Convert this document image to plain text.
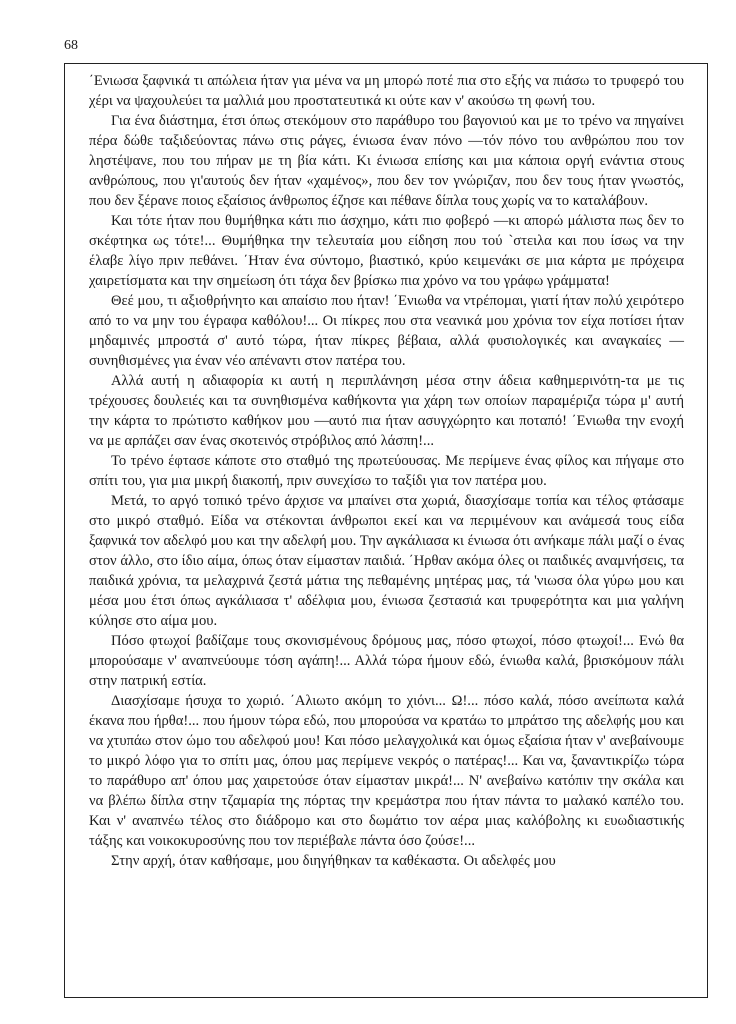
68

΄Ενιωσα ξαφνικά τι απώλεια ήταν για μένα να μη μπορώ ποτέ πια στο εξής να πιάσω το τρυφερό του χέρι να ψαχουλεύει τα μαλλιά μου προστατευτικά κι ούτε καν ν' ακούσω τη φωνή του.

Για ένα διάστημα, έτσι όπως στεκόμουν στο παράθυρο του βαγονιού και με το τρένο να πηγαίνει πέρα δώθε ταξιδεύοντας πάνω στις ράγες, ένιωσα έναν πόνο —τόν πόνο του ανθρώπου που τον ληστέψανε, που του πήραν με τη βία κάτι. Κι ένιωσα επίσης και μια κάποια οργή ενάντια στους ανθρώπους, που γι'αυτούς δεν ήταν «χαμένος», που δεν τον γνώριζαν, που δεν τους ήταν γνωστός, που δεν ξέρανε ποιος εξαίσιος άνθρωπος έζησε και πέθανε δίπλα τους χωρίς να το καταλάβουν.

Και τότε ήταν που θυμήθηκα κάτι πιο άσχημο, κάτι πιο φοβερό —κι απορώ μάλιστα πως δεν το σκέφτηκα ως τότε!... Θυμήθηκα την τελευταία μου είδηση που τού `στειλα και που ίσως να την έλαβε λίγο πριν πεθάνει. ΄Ηταν ένα σύντομο, βιαστικό, κρύο κειμενάκι σε μια κάρτα με πρόχειρα χαιρετίσματα και την σημείωση ότι τάχα δεν βρίσκω πια χρόνο να του γράφω γράμματα!

Θεέ μου, τι αξιοθρήνητο και απαίσιο που ήταν! ΄Ενιωθα να ντρέπομαι, γιατί ήταν πολύ χειρότερο από το να μην του έγραφα καθόλου!... Οι πίκρες που στα νεανικά μου χρόνια τον είχα ποτίσει ήταν μηδαμινές μπροστά σ' αυτό τώρα, ήταν πίκρες βέβαια, αλλά φυσιολογικές και αναγκαίες —συνηθισμένες για έναν νέο απέναντι στον πατέρα του.

Αλλά αυτή η αδιαφορία κι αυτή η περιπλάνηση μέσα στην άδεια καθημερινότη-τα με τις τρέχουσες δουλειές και τα συνηθισμένα καθήκοντα για χάρη των οποίων παραμέριζα τώρα μ' αυτή την κάρτα το πρώτιστο καθήκον μου —αυτό πια ήταν ασυγχώρητο και ποταπό! ΄Ενιωθα την ενοχή να με αρπάζει σαν ένας σκοτεινός στρόβιλος από λάσπη!...

Το τρένο έφτασε κάποτε στο σταθμό της πρωτεύουσας. Με περίμενε ένας φίλος και πήγαμε στο σπίτι του, για μια μικρή διακοπή, πριν συνεχίσω το ταξίδι για τον πατέρα μου.

Μετά, το αργό τοπικό τρένο άρχισε να μπαίνει στα χωριά, διασχίσαμε τοπία και τέλος φτάσαμε στο μικρό σταθμό. Είδα να στέκονται άνθρωποι εκεί και να περιμένουν και ανάμεσά τους είδα ξαφνικά τον αδελφό μου και την αδελφή μου. Την αγκάλιασα κι ένιωσα ότι ανήκαμε πάλι μαζί ο ένας στον άλλο, στο ίδιο αίμα, όπως όταν είμασταν παιδιά. ΄Ηρθαν ακόμα όλες οι παιδικές αναμνήσεις, τα παιδικά χρόνια, τα μελαχρινά ζεστά μάτια της πεθαμένης μητέρας μας, τά 'νιωσα όλα γύρω μου και μέσα μου έτσι όπως αγκάλιασα τ' αδέλφια μου, ένιωσα ζεστασιά και τρυφερότητα και μια γαλήνη κύλησε στο αίμα μου.

Πόσο φτωχοί βαδίζαμε τους σκονισμένους δρόμους μας, πόσο φτωχοί, πόσο φτωχοί!... Ενώ θα μπορούσαμε ν' αναπνεύουμε τόση αγάπη!... Αλλά τώρα ήμουν εδώ, ένιωθα καλά, βρισκόμουν πάλι στην πατρική εστία.

Διασχίσαμε ήσυχα το χωριό. ΄Αλιωτο ακόμη το χιόνι... Ω!... πόσο καλά, πόσο ανείπωτα καλά έκανα που ήρθα!... που ήμουν τώρα εδώ, που μπορούσα να κρατάω το μπράτσο της αδελφής μου και να χτυπάω στον ώμο του αδελφού μου! Και πόσο μελαγχολικά και όμως εξαίσια ήταν ν' ανεβαίνουμε το μικρό λόφο για το σπίτι μας, όπου μας περίμενε νεκρός ο πατέρας!... Και να, ξαναντικρίζω τώρα το παράθυρο απ' όπου μας χαιρετούσε όταν είμασταν μικρά!... Ν' ανεβαίνω κατόπιν την σκάλα και να βλέπω δίπλα στην τζαμαρία της πόρτας την κρεμάστρα που ήταν πάντα το μαλακό καπέλο του. Και ν' αναπνέω τέλος στο διάδρομο και στο δωμάτιο τον αέρα μιας καλόβολης κι ευωδιαστικής τάξης και νοικοκυροσύνης που τον περιέβαλε πάντα όσο ζούσε!...

Στην αρχή, όταν καθήσαμε, μου διηγήθηκαν τα καθέκαστα. Οι αδελφές μου
